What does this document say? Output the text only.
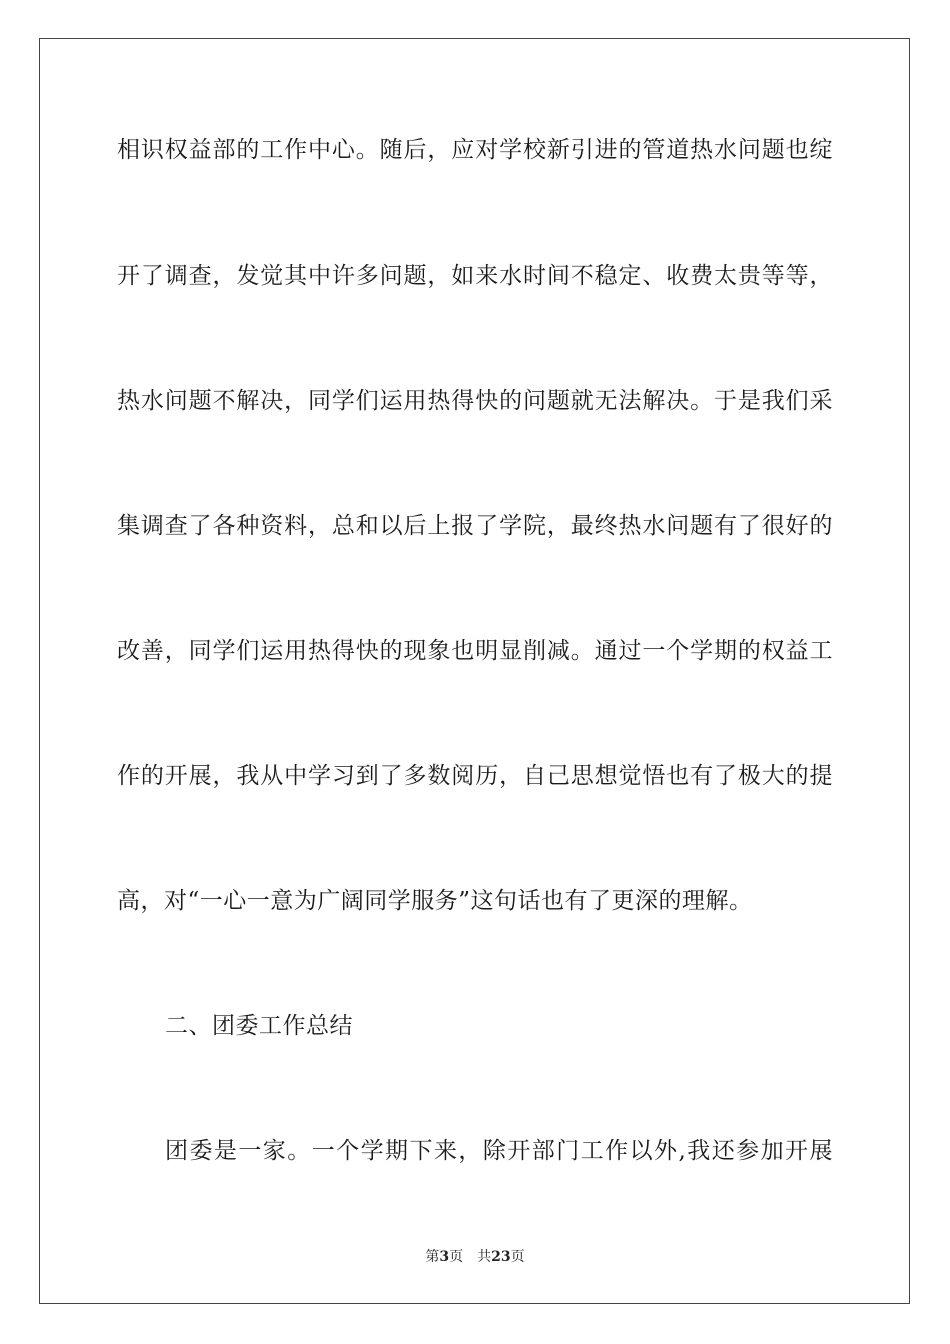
相识权益部的工作中心。随后，应对学校新引进的管道热水问题也绽
开了调查，发觉其中许多问题，如来水时间不稳定、收费太贵等等，
热水问题不解决，同学们运用热得快的问题就无法解决。于是我们采
集调查了各种资料，总和以后上报了学院，最终热水问题有了很好的
改善，同学们运用热得快的现象也明显削减。通过一个学期的权益工
作的开展，我从中学习到了多数阅历，自己思想觉悟也有了极大的提
高，对“一心一意为广阔同学服务”这句话也有了更深的理解。
二、团委工作总结
团委是一家。一个学期下来，除开部门工作以外,我还参加开展
第3页 共23页
